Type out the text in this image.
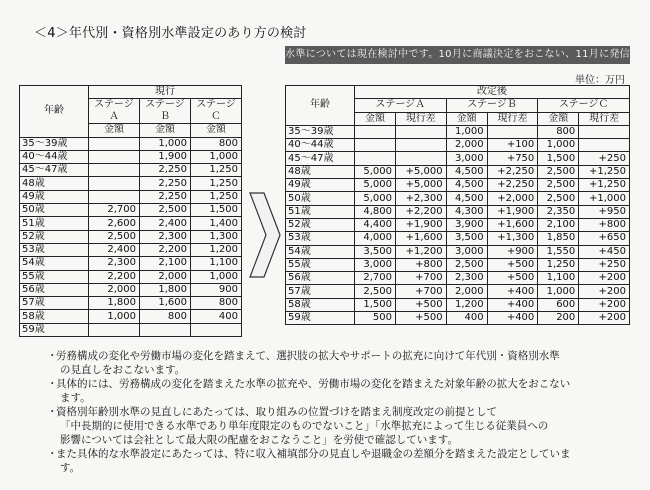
＜4＞年代別・資格別水準設定のあり方の検討
水準については現在検討中です。10月に商議決定をおこない、11月に発信予定です。
単位：万円
年齢	現行		
	ステージＡ	ステージＢ	ステージＣ
	金額	金額	金額
35～39歳		1,000	800
40～44歳		1,900	1,000
45～47歳		2,250	1,250
48歳		2,250	1,250
49歳		2,250	1,250
50歳	2,700	2,500	1,500
51歳	2,600	2,400	1,400
52歳	2,500	2,300	1,300
53歳	2,400	2,200	1,200
54歳	2,300	2,100	1,100
55歳	2,200	2,000	1,000
56歳	2,000	1,800	900
57歳	1,800	1,600	800
58歳	1,000	800	400
59歳			
年齢	改定後					
	ステージＡ		ステージＢ		ステージＣ	
	金額	現行差	金額	現行差	金額	現行差
35～39歳			1,000		800	
40～44歳			2,000	+100	1,000	
45～47歳			3,000	+750	1,500	+250
48歳	5,000	+5,000	4,500	+2,250	2,500	+1,250
49歳	5,000	+5,000	4,500	+2,250	2,500	+1,250
50歳	5,000	+2,300	4,500	+2,000	2,500	+1,000
51歳	4,800	+2,200	4,300	+1,900	2,350	+950
52歳	4,400	+1,900	3,900	+1,600	2,100	+800
53歳	4,000	+1,600	3,500	+1,300	1,850	+650
54歳	3,500	+1,200	3,000	+900	1,550	+450
55歳	3,000	+800	2,500	+500	1,250	+250
56歳	2,700	+700	2,300	+500	1,100	+200
57歳	2,500	+700	2,000	+400	1,000	+200
58歳	1,500	+500	1,200	+400	600	+200
59歳	500	+500	400	+400	200	+200
・
労務構成の変化や労働市場の変化を踏まえて、選択肢の拡大やサポートの拡充に向けて年代別・資格別水準
の見直しをおこないます。
・
具体的には、労務構成の変化を踏まえた水準の拡充や、労働市場の変化を踏まえた対象年齢の拡大をおこない
ます。
・
資格別年齢別水準の見直しにあたっては、取り組みの位置づけを踏まえ制度改定の前提として
「中長期的に使用できる水準であり単年度限定のものでないこと」「水準拡充によって生じる従業員への
影響については会社として最大限の配慮をおこなうこと」を労使で確認しています。
・
また具体的な水準設定にあたっては、特に収入補填部分の見直しや退職金の差額分を踏まえた設定としていま
す。
